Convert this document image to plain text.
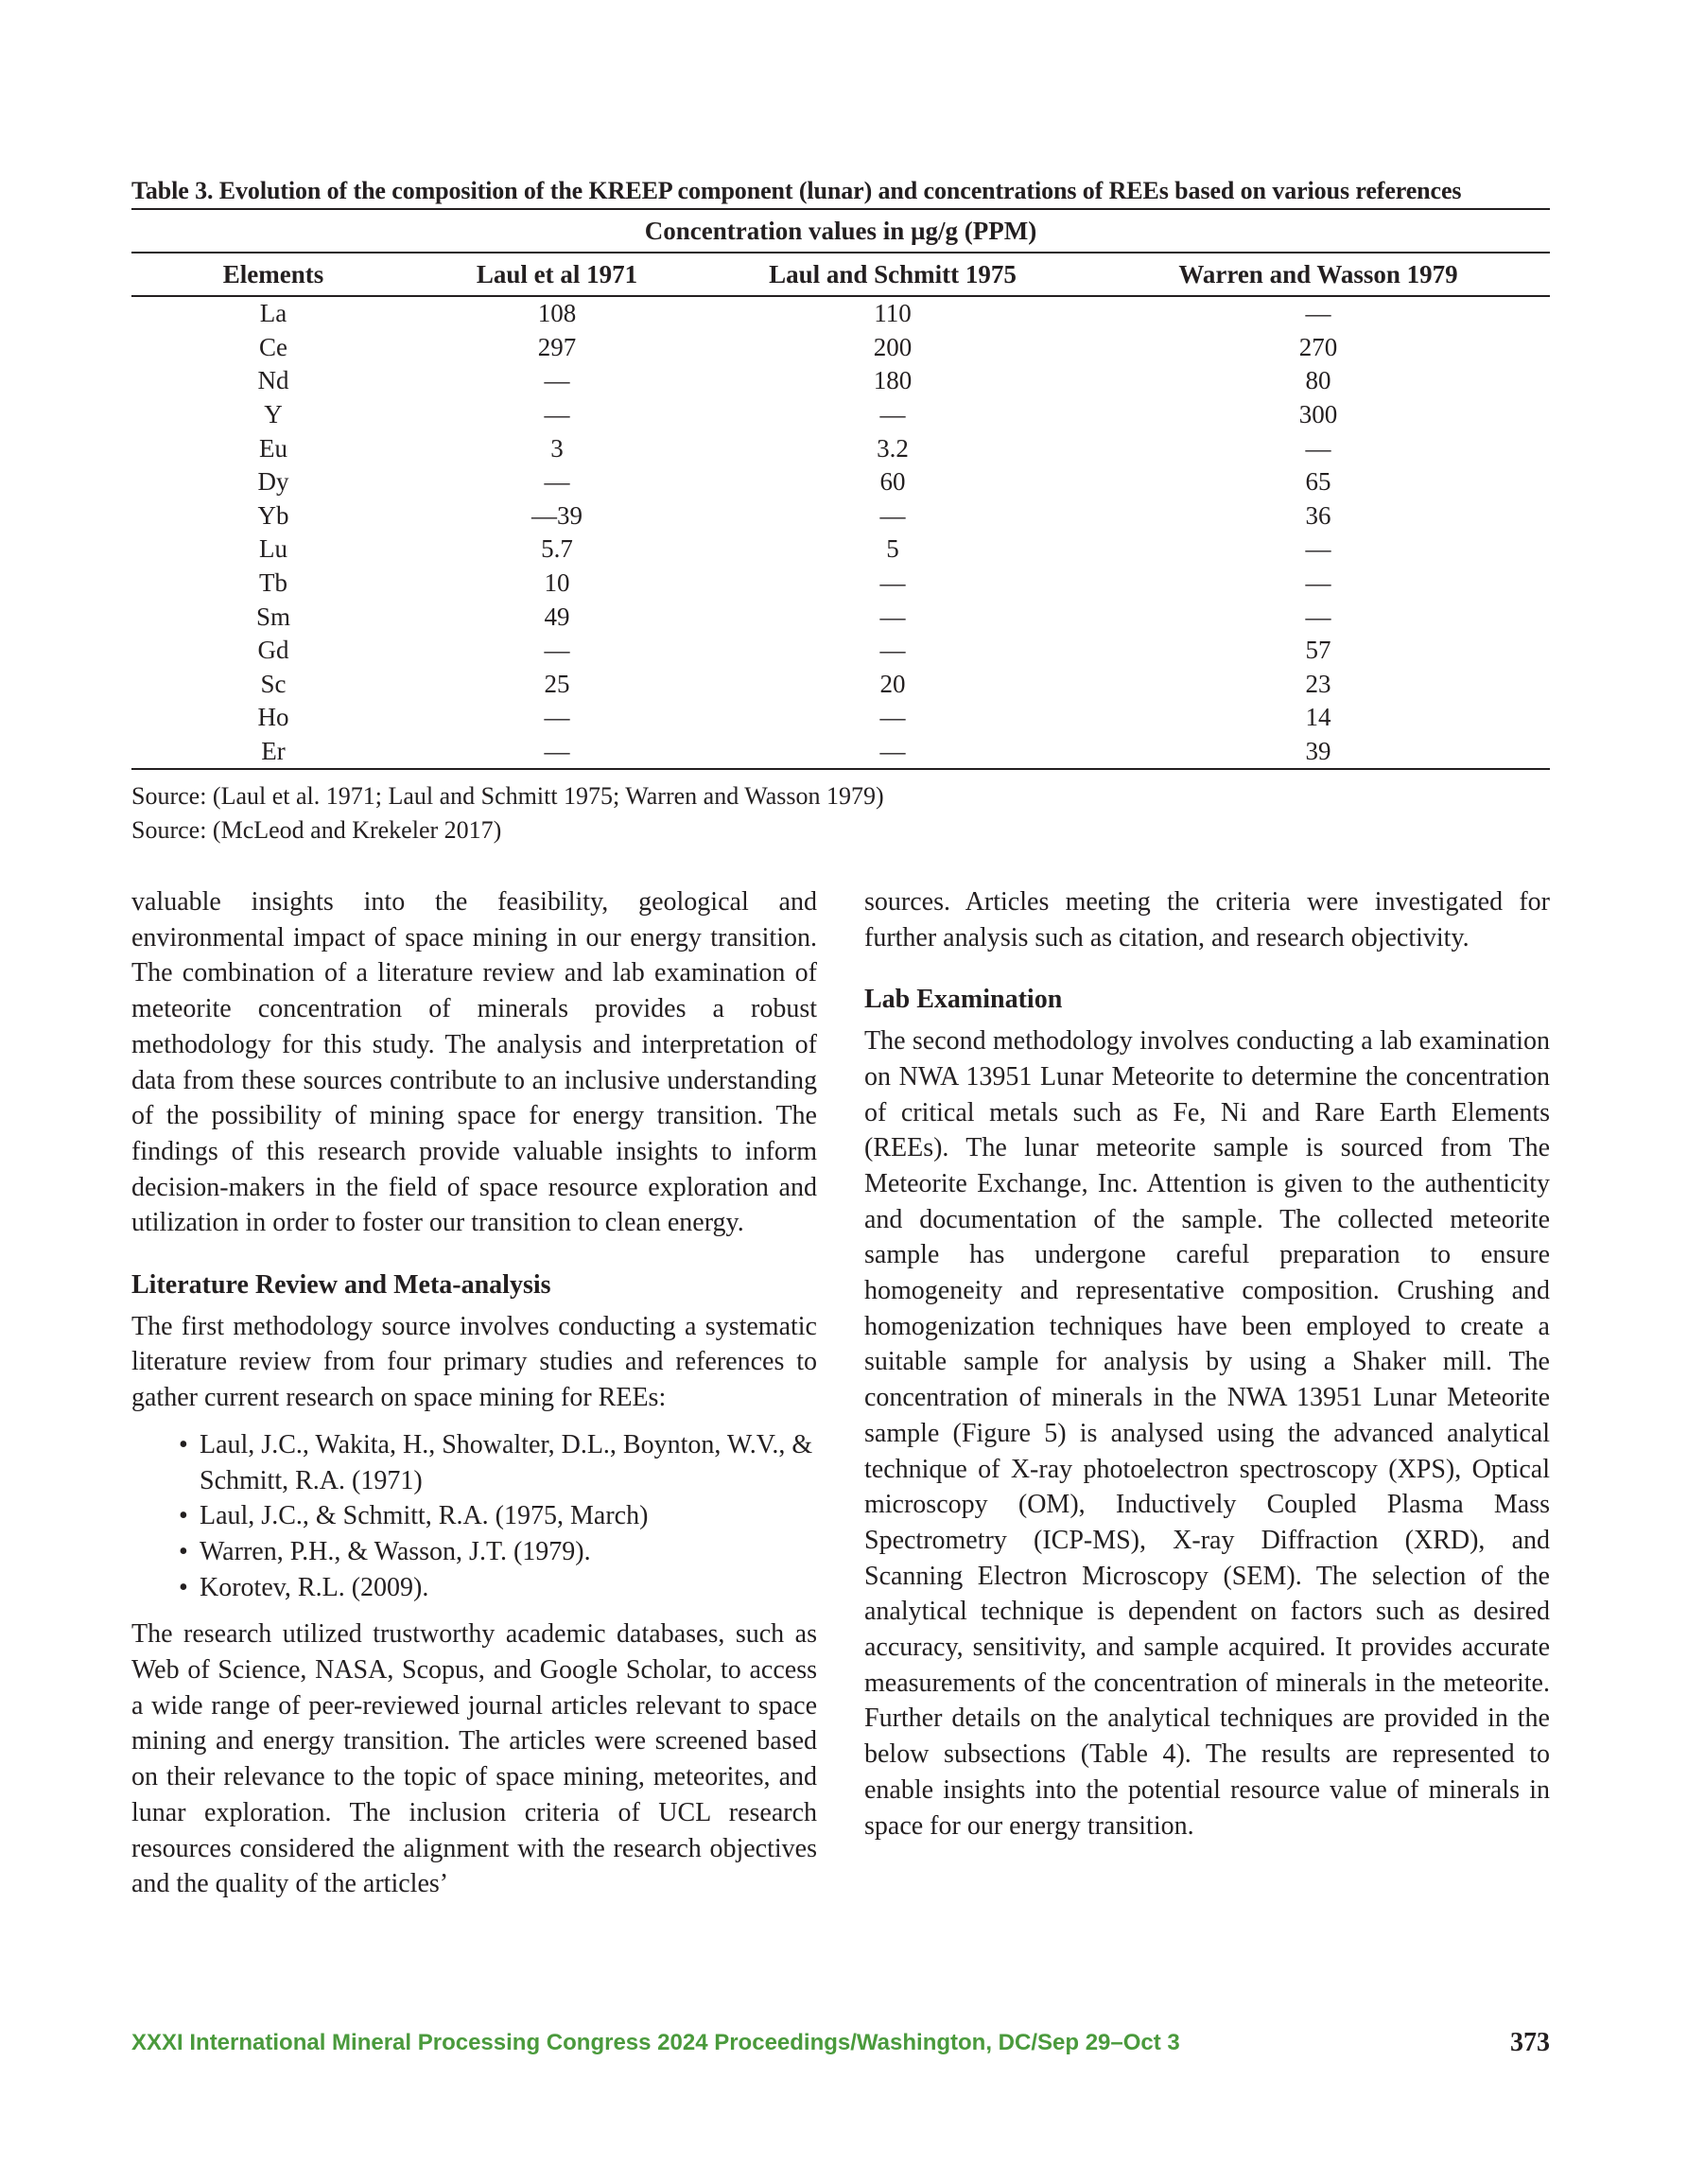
Table 3. Evolution of the composition of the KREEP component (lunar) and concentrations of REEs based on various references
Concentration values in µg/g (PPM)			
Elements	Laul et al 1971	Laul and Schmitt 1975	Warren and Wasson 1979
La	108	110	—
Ce	297	200	270
Nd	—	180	80
Y	—	—	300
Eu	3	3.2	—
Dy	—	60	65
Yb	—39	—	36
Lu	5.7	5	—
Tb	10	—	—
Sm	49	—	—
Gd	—	—	57
Sc	25	20	23
Ho	—	—	14
Er	—	—	39
Source: (Laul et al. 1971; Laul and Schmitt 1975; Warren and Wasson 1979)
Source: (McLeod and Krekeler 2017)

valuable insights into the feasibility, geological and environmental impact of space mining in our energy transition. The combination of a literature review and lab examination of meteorite concentration of minerals provides a robust methodology for this study. The analysis and interpretation of data from these sources contribute to an inclusive understanding of the possibility of mining space for energy transition. The findings of this research provide valuable insights to inform decision-makers in the field of space resource exploration and utilization in order to foster our transition to clean energy.

Literature Review and Meta-analysis

The first methodology source involves conducting a systematic literature review from four primary studies and references to gather current research on space mining for REEs:

• Laul, J.C., Wakita, H., Showalter, D.L., Boynton, W.V., & Schmitt, R.A. (1971)
• Laul, J.C., & Schmitt, R.A. (1975, March)
• Warren, P.H., & Wasson, J.T. (1979).
• Korotev, R.L. (2009).

The research utilized trustworthy academic databases, such as Web of Science, NASA, Scopus, and Google Scholar, to access a wide range of peer-reviewed journal articles relevant to space mining and energy transition. The articles were screened based on their relevance to the topic of space mining, meteorites, and lunar exploration. The inclusion criteria of UCL research resources considered the alignment with the research objectives and the quality of the articles’

sources. Articles meeting the criteria were investigated for further analysis such as citation, and research objectivity.

Lab Examination

The second methodology involves conducting a lab examination on NWA 13951 Lunar Meteorite to determine the concentration of critical metals such as Fe, Ni and Rare Earth Elements (REEs). The lunar meteorite sample is sourced from The Meteorite Exchange, Inc. Attention is given to the authenticity and documentation of the sample. The collected meteorite sample has undergone careful preparation to ensure homogeneity and representative composition. Crushing and homogenization techniques have been employed to create a suitable sample for analysis by using a Shaker mill. The concentration of minerals in the NWA 13951 Lunar Meteorite sample (Figure 5) is analysed using the advanced analytical technique of X-ray photoelectron spectroscopy (XPS), Optical microscopy (OM), Inductively Coupled Plasma Mass Spectrometry (ICP-MS), X-ray Diffraction (XRD), and Scanning Electron Microscopy (SEM). The selection of the analytical technique is dependent on factors such as desired accuracy, sensitivity, and sample acquired. It provides accurate measurements of the concentration of minerals in the meteorite. Further details on the analytical techniques are provided in the below subsections (Table 4). The results are represented to enable insights into the potential resource value of minerals in space for our energy transition.

XXXI International Mineral Processing Congress 2024 Proceedings/Washington, DC/Sep 29–Oct 3	373
